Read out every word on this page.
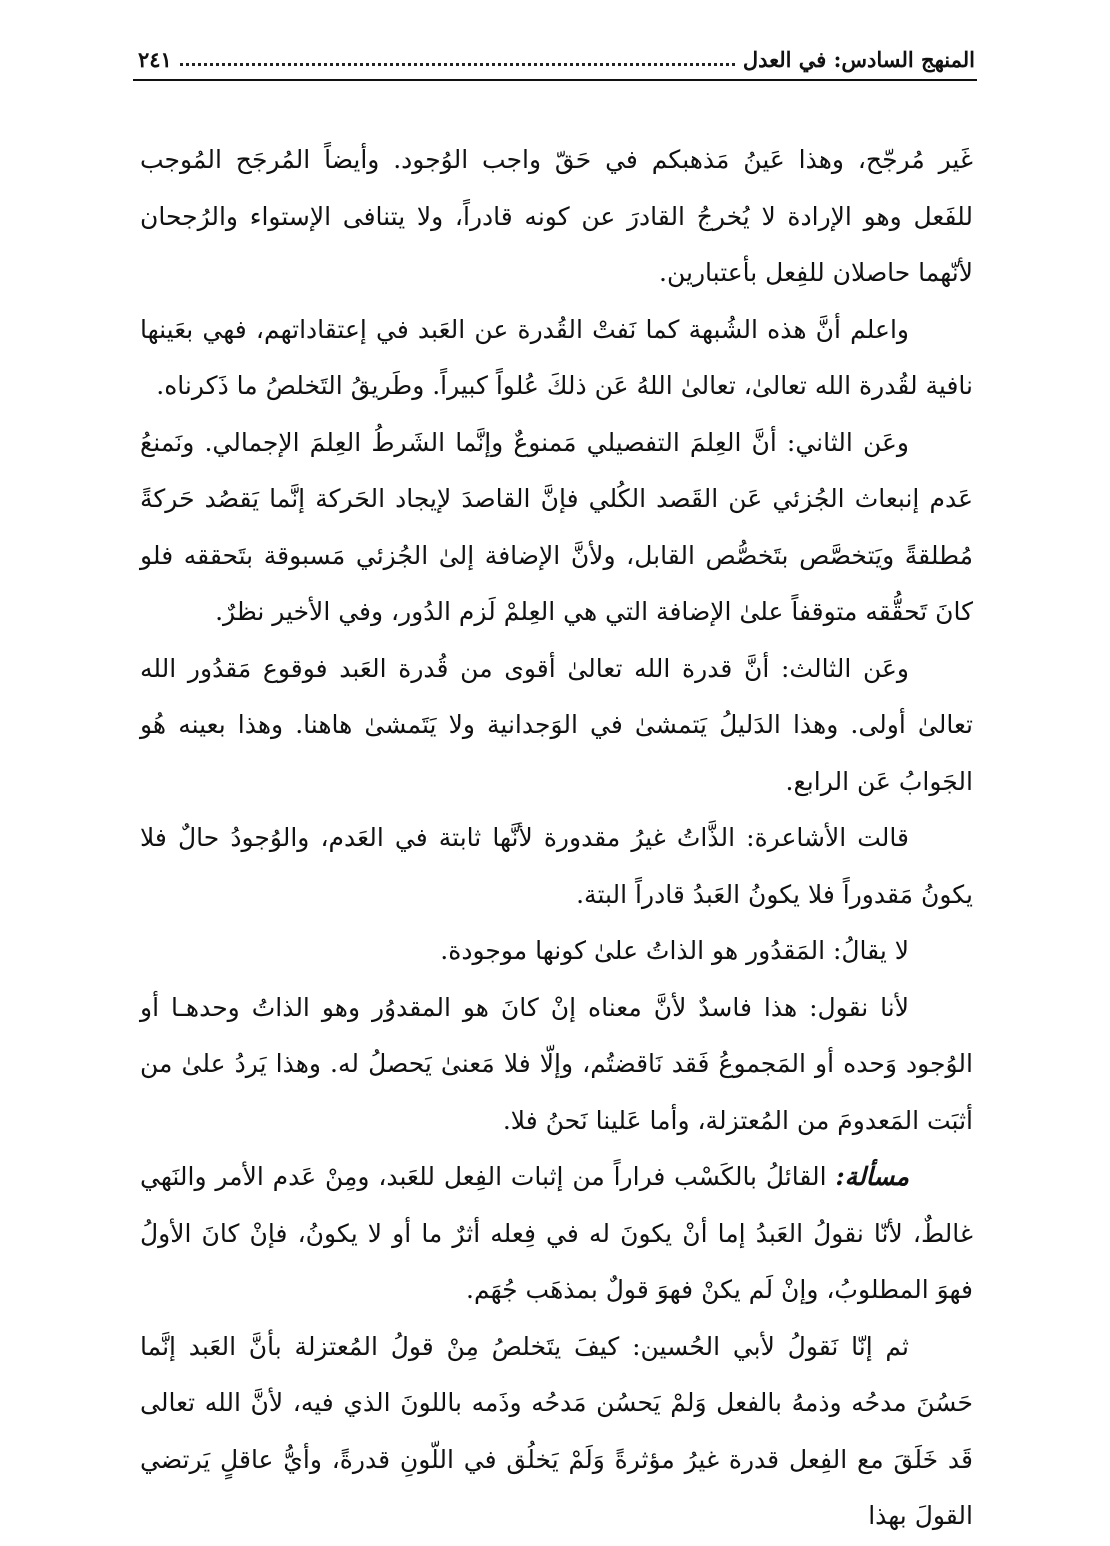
المنهج السادس: في العدل
٢٤١

غَير مُرجّح، وهذا عَينُ مَذهبكم في حَقّ واجب الوُجود. وأيضاً المُرجَح المُوجب للفَعل وهو الإرادة لا يُخرجُ القادرَ عن كونه قادراً، ولا يتنافى الإستواء والرُجحان لأنّهما حاصلان للفِعل بأعتبارين.

واعلم أنَّ هذه الشُبهة كما نَفتْ القُدرة عن العَبد في إعتقاداتهم، فهي بعَينها نافية لقُدرة الله تعالىٰ، تعالىٰ اللهُ عَن ذلكَ عُلواً كبيراً. وطَريقُ التَخلصُ ما ذَكرناه.

وعَن الثاني: أنَّ العِلمَ التفصيلي مَمنوعٌ وإنَّما الشَرطُ العِلمَ الإجمالي. ونَمنعُ عَدم إنبعاث الجُزئي عَن القَصد الكُلي فإنَّ القاصدَ لإيجاد الحَركة إنَّما يَقصُد حَركةً مُطلقةً ويَتخصَّص بتَخصُّص القابل، ولأنَّ الإضافة إلىٰ الجُزئي مَسبوقة بتَحققه فلو كانَ تَحقُّقه متوقفاً علىٰ الإضافة التي هي العِلمْ لَزم الدُور، وفي الأخير نظرٌ.

وعَن الثالث: أنَّ قدرة الله تعالىٰ أقوى من قُدرة العَبد فوقوع مَقدُور الله تعالىٰ أولى. وهذا الدَليلُ يَتمشىٰ في الوَجدانية ولا يَتَمشىٰ هاهنا. وهذا بعينه هُو الجَوابُ عَن الرابع.

قالت الأشاعرة: الذَّاتُ غيرُ مقدورة لأنَّها ثابتة في العَدم، والوُجودُ حالٌ فلا يكونُ مَقدوراً فلا يكونُ العَبدُ قادراً البتة.

لا يقالُ: المَقدُور هو الذاتُ علىٰ كونها موجودة.

لأنا نقول: هذا فاسدٌ لأنَّ معناه إنْ كانَ هو المقدوُر وهو الذاتُ وحدهـا أو الوُجود وَحده أو المَجموعُ فَقد نَاقضتُم، وإلّا فلا مَعنىٰ يَحصلُ له. وهذا يَردُ علىٰ من أثبَت المَعدومَ من المُعتزلة، وأما عَلينا نَحنُ فلا.

مسألة: القائلُ بالكَسْب فراراً من إثبات الفِعل للعَبد، ومِنْ عَدم الأمر والنَهي غالطٌ، لأنّا نقولُ العَبدُ إما أنْ يكونَ له في فِعله أثرٌ ما أو لا يكونُ، فإنْ كانَ الأولُ فهوَ المطلوبُ، وإنْ لَم يكنْ فهوَ قولٌ بمذهَب جُهَم.

ثم إنّا نَقولُ لأبي الحُسين: كيفَ يتَخلصُ مِنْ قولُ المُعتزلة بأنَّ العَبد إنَّما حَسُنَ مدحُه وذمهُ بالفعل وَلمْ يَحسُن مَدحُه وذَمه باللونَ الذي فيه، لأنَّ الله تعالى قَد خَلَقَ مع الفِعل قدرة غيرُ مؤثرةً وَلَمْ يَخلُق في اللّونِ قدرةً، وأيُّ عاقلٍ يَرتضي القولَ بهذا
